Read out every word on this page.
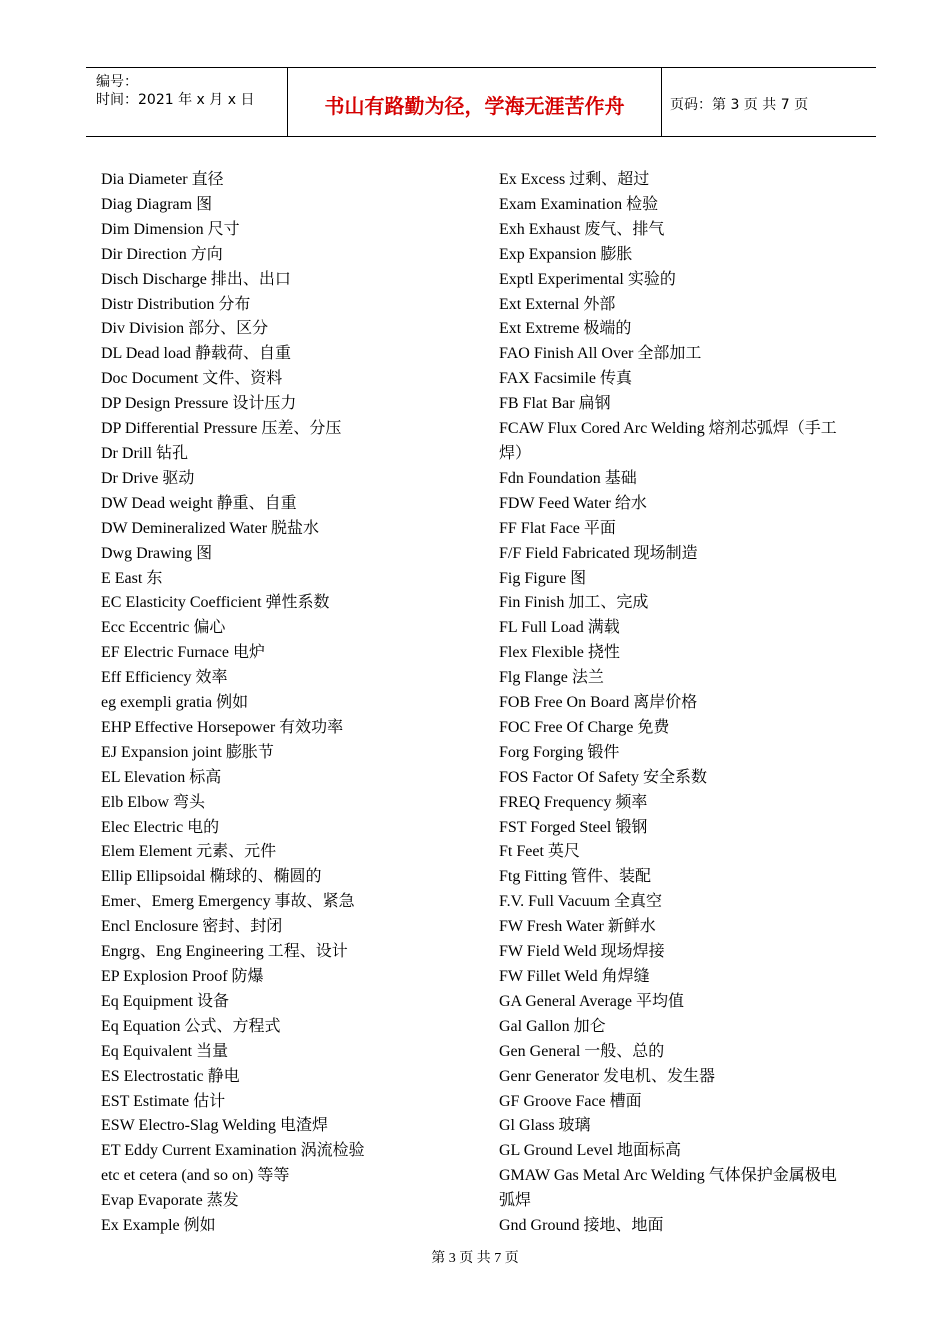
编号：
时间：2021 年 x 月 x 日	书山有路勤为径，学海无涯苦作舟	页码：第 3 页 共 7 页
Dia Diameter 直径
Diag Diagram 图
Dim Dimension 尺寸
Dir Direction 方向
Disch Discharge 排出、出口
Distr Distribution 分布
Div Division 部分、区分
DL Dead load 静载荷、自重
Doc Document 文件、资料
DP Design Pressure 设计压力
DP Differential Pressure 压差、分压
Dr Drill 钻孔
Dr Drive 驱动
DW Dead weight 静重、自重
DW Demineralized Water 脱盐水
Dwg Drawing 图
E East 东
EC Elasticity Coefficient 弹性系数
Ecc Eccentric 偏心
EF Electric Furnace 电炉
Eff Efficiency 效率
eg exempli gratia 例如
EHP Effective Horsepower 有效功率
EJ Expansion joint 膨胀节
EL Elevation 标高
Elb Elbow 弯头
Elec Electric 电的
Elem Element 元素、元件
Ellip Ellipsoidal 椭球的、椭圆的
Emer、Emerg Emergency 事故、紧急
Encl Enclosure 密封、封闭
Engrg、Eng Engineering 工程、设计
EP Explosion Proof 防爆
Eq Equipment 设备
Eq Equation 公式、方程式
Eq Equivalent 当量
ES Electrostatic 静电
EST Estimate 估计
ESW Electro-Slag Welding 电渣焊
ET Eddy Current Examination 涡流检验
etc et cetera (and so on) 等等
Evap Evaporate 蒸发
Ex Example 例如
Ex Excess 过剩、超过
Exam Examination 检验
Exh Exhaust 废气、排气
Exp Expansion 膨胀
Exptl Experimental 实验的
Ext External 外部
Ext Extreme 极端的
FAO Finish All Over 全部加工
FAX Facsimile 传真
FB Flat Bar 扁钢
FCAW Flux Cored Arc Welding 熔剂芯弧焊（手工
焊）
Fdn Foundation 基础
FDW Feed Water 给水
FF Flat Face 平面
F/F Field Fabricated 现场制造
Fig Figure 图
Fin Finish 加工、完成
FL Full Load 满载
Flex Flexible 挠性
Flg Flange 法兰
FOB Free On Board 离岸价格
FOC Free Of Charge 免费
Forg Forging 锻件
FOS Factor Of Safety 安全系数
FREQ Frequency 频率
FST Forged Steel 锻钢
Ft Feet 英尺
Ftg Fitting 管件、装配
F.V. Full Vacuum 全真空
FW Fresh Water 新鲜水
FW Field Weld 现场焊接
FW Fillet Weld 角焊缝
GA General Average 平均值
Gal Gallon 加仑
Gen General 一般、总的
Genr Generator 发电机、发生器
GF Groove Face 槽面
Gl Glass 玻璃
GL Ground Level 地面标高
GMAW Gas Metal Arc Welding 气体保护金属极电
弧焊
Gnd Ground 接地、地面
第 3 页 共 7 页
